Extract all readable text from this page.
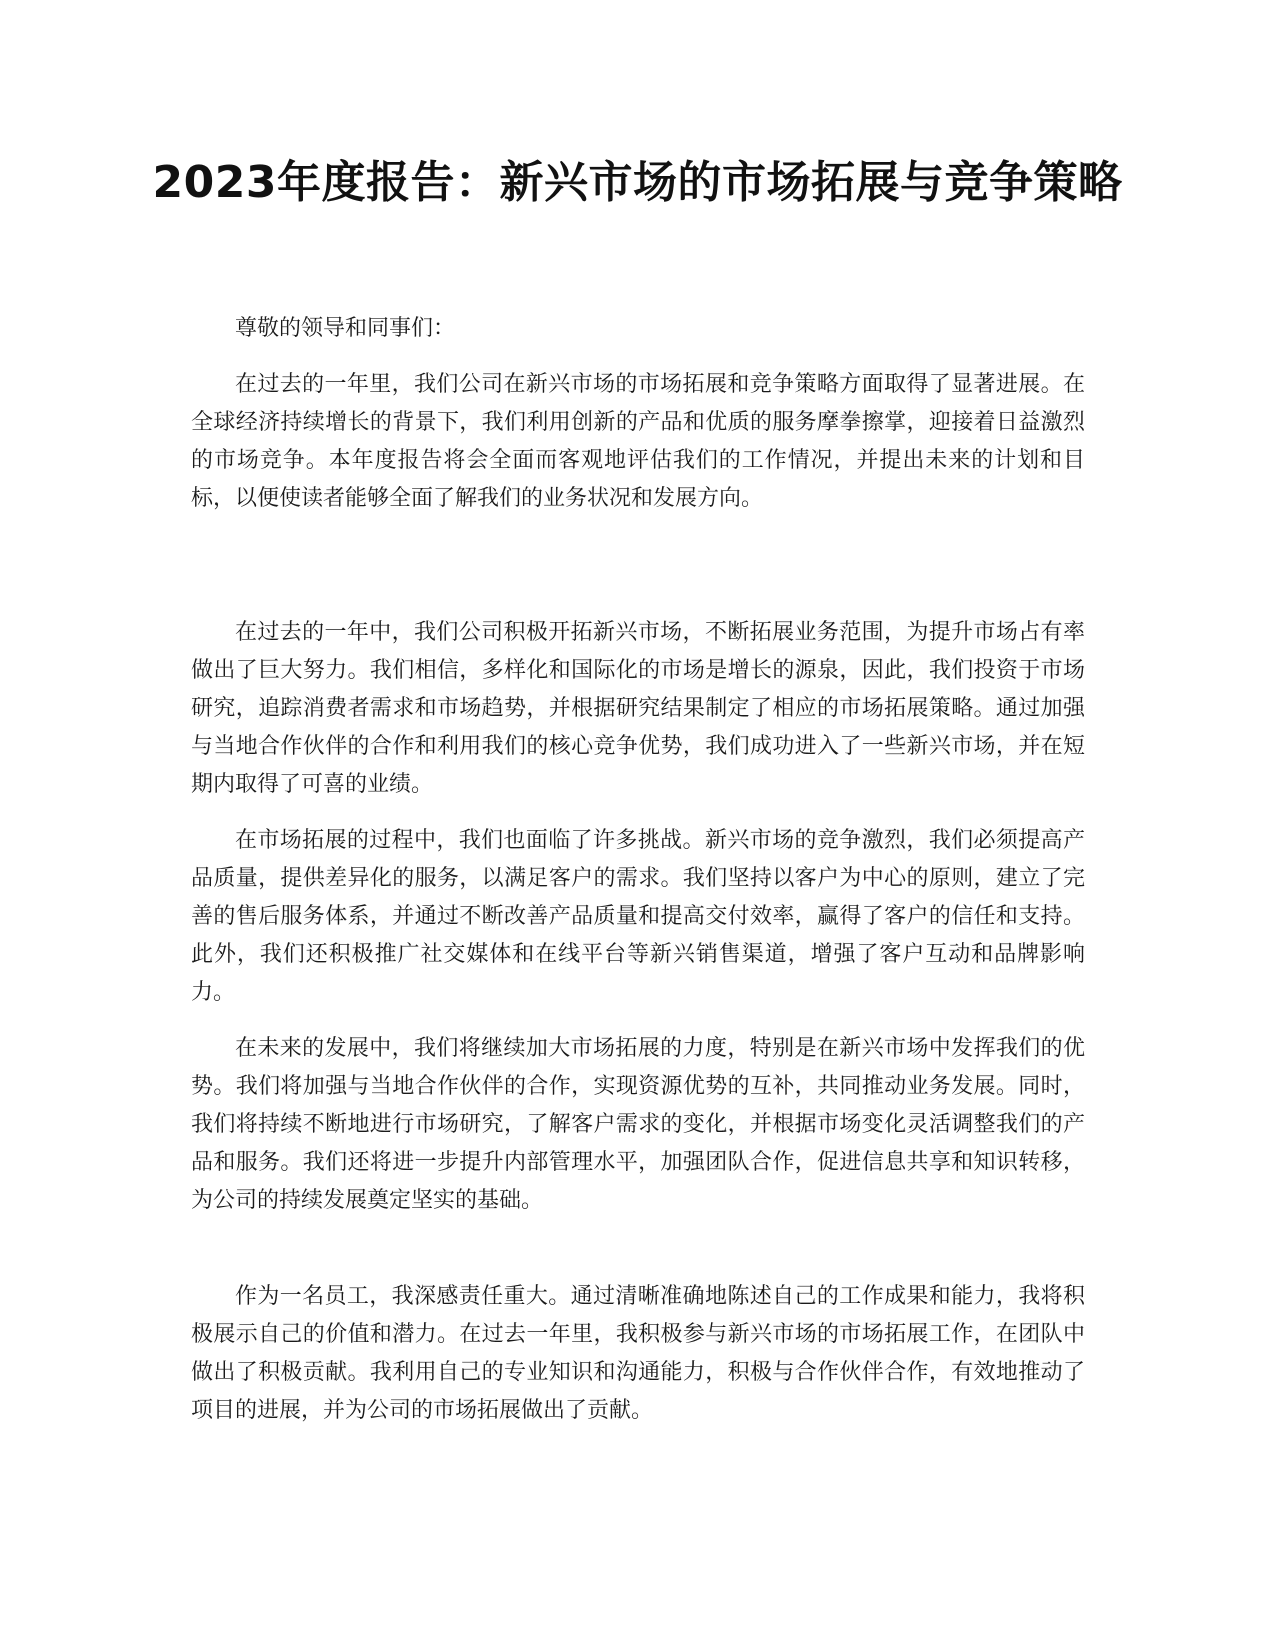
2023年度报告：新兴市场的市场拓展与竞争策略

尊敬的领导和同事们：

在过去的一年里，我们公司在新兴市场的市场拓展和竞争策略方面取得了显著进展。在全球经济持续增长的背景下，我们利用创新的产品和优质的服务摩拳擦掌，迎接着日益激烈的市场竞争。本年度报告将会全面而客观地评估我们的工作情况，并提出未来的计划和目标，以便使读者能够全面了解我们的业务状况和发展方向。

在过去的一年中，我们公司积极开拓新兴市场，不断拓展业务范围，为提升市场占有率做出了巨大努力。我们相信，多样化和国际化的市场是增长的源泉，因此，我们投资于市场研究，追踪消费者需求和市场趋势，并根据研究结果制定了相应的市场拓展策略。通过加强与当地合作伙伴的合作和利用我们的核心竞争优势，我们成功进入了一些新兴市场，并在短期内取得了可喜的业绩。

在市场拓展的过程中，我们也面临了许多挑战。新兴市场的竞争激烈，我们必须提高产品质量，提供差异化的服务，以满足客户的需求。我们坚持以客户为中心的原则，建立了完善的售后服务体系，并通过不断改善产品质量和提高交付效率，赢得了客户的信任和支持。此外，我们还积极推广社交媒体和在线平台等新兴销售渠道，增强了客户互动和品牌影响力。

在未来的发展中，我们将继续加大市场拓展的力度，特别是在新兴市场中发挥我们的优势。我们将加强与当地合作伙伴的合作，实现资源优势的互补，共同推动业务发展。同时，我们将持续不断地进行市场研究，了解客户需求的变化，并根据市场变化灵活调整我们的产品和服务。我们还将进一步提升内部管理水平，加强团队合作，促进信息共享和知识转移，为公司的持续发展奠定坚实的基础。

作为一名员工，我深感责任重大。通过清晰准确地陈述自己的工作成果和能力，我将积极展示自己的价值和潜力。在过去一年里，我积极参与新兴市场的市场拓展工作，在团队中做出了积极贡献。我利用自己的专业知识和沟通能力，积极与合作伙伴合作，有效地推动了项目的进展，并为公司的市场拓展做出了贡献。
